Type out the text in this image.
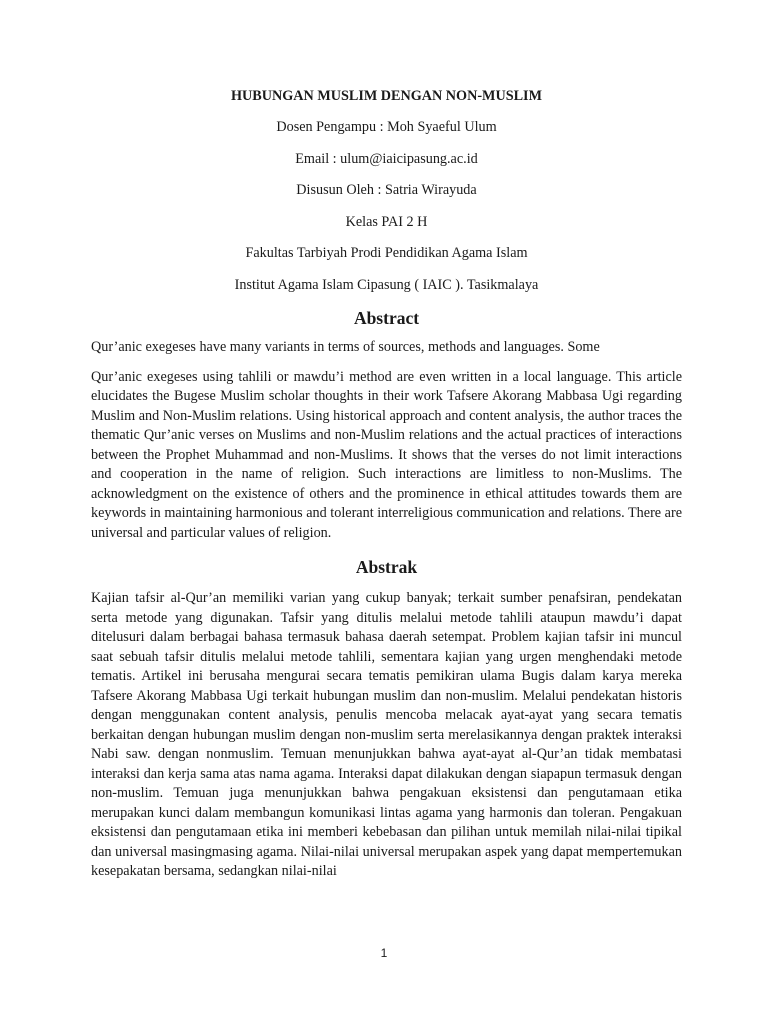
HUBUNGAN MUSLIM DENGAN NON-MUSLIM

Dosen Pengampu : Moh Syaeful Ulum

Email : ulum@iaicipasung.ac.id

Disusun Oleh : Satria Wirayuda

Kelas PAI 2 H

Fakultas Tarbiyah Prodi Pendidikan Agama Islam

Institut Agama Islam Cipasung ( IAIC ). Tasikmalaya

Abstract

Qur’anic exegeses have many variants in terms of sources, methods and languages. Some

Qur’anic exegeses using tahlili or mawdu’i method are even written in a local language. This article elucidates the Bugese Muslim scholar thoughts in their work Tafsere Akorang Mabbasa Ugi regarding Muslim and Non-Muslim relations. Using historical approach and content analysis, the author traces the thematic Qur’anic verses on Muslims and non-Muslim relations and the actual practices of interactions between the Prophet Muhammad and non-Muslims. It shows that the verses do not limit interactions and cooperation in the name of religion. Such interactions are limitless to non-Muslims. The acknowledgment on the existence of others and the prominence in ethical attitudes towards them are keywords in maintaining harmonious and tolerant interreligious communication and relations. There are universal and particular values of religion.

Abstrak

Kajian tafsir al-Qur’an memiliki varian yang cukup banyak; terkait sumber penafsiran, pendekatan serta metode yang digunakan. Tafsir yang ditulis melalui metode tahlili ataupun mawdu’i dapat ditelusuri dalam berbagai bahasa termasuk bahasa daerah setempat. Problem kajian tafsir ini muncul saat sebuah tafsir ditulis melalui metode tahlili, sementara kajian yang urgen menghendaki metode tematis. Artikel ini berusaha mengurai secara tematis pemikiran ulama Bugis dalam karya mereka Tafsere Akorang Mabbasa Ugi terkait hubungan muslim dan non-muslim. Melalui pendekatan historis dengan menggunakan content analysis, penulis mencoba melacak ayat-ayat yang secara tematis berkaitan dengan hubungan muslim dengan non-muslim serta merelasikannya dengan praktek interaksi Nabi saw. dengan nonmuslim. Temuan menunjukkan bahwa ayat-ayat al-Qur’an tidak membatasi interaksi dan kerja sama atas nama agama. Interaksi dapat dilakukan dengan siapapun termasuk dengan non-muslim. Temuan juga menunjukkan bahwa pengakuan eksistensi dan pengutamaan etika merupakan kunci dalam membangun komunikasi lintas agama yang harmonis dan toleran. Pengakuan eksistensi dan pengutamaan etika ini memberi kebebasan dan pilihan untuk memilah nilai-nilai tipikal dan universal masingmasing agama. Nilai-nilai universal merupakan aspek yang dapat mempertemukan kesepakatan bersama, sedangkan nilai-nilai

1
